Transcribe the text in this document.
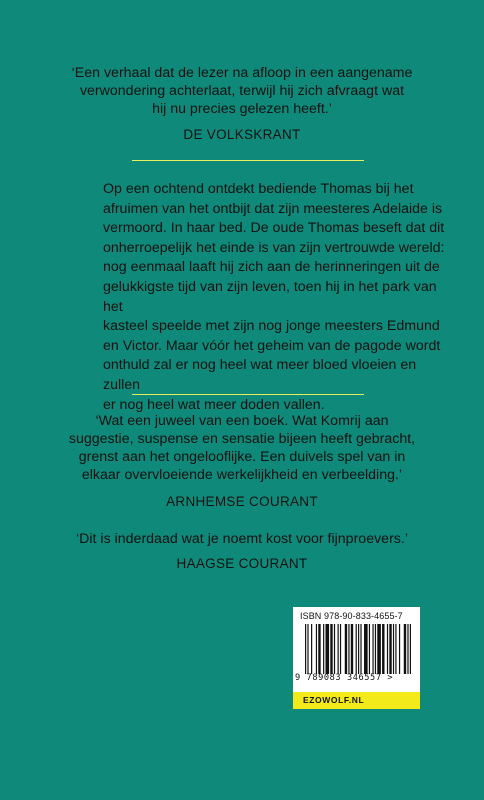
‘Een verhaal dat de lezer na afloop in een aangename

verwondering achterlaat, terwijl hij zich afvraagt wat

hij nu precies gelezen heeft.’

DE VOLKSKRANT

Op een ochtend ontdekt bediende Thomas bij het

afruimen van het ontbijt dat zijn meesteres Adelaide is

vermoord. In haar bed. De oude Thomas beseft dat dit

onherroepelijk het einde is van zijn vertrouwde wereld:

nog eenmaal laaft hij zich aan de herinneringen uit de

gelukkigste tijd van zijn leven, toen hij in het park van het

kasteel speelde met zijn nog jonge meesters Edmund

en Victor. Maar vóór het geheim van de pagode wordt

onthuld zal er nog heel wat meer bloed vloeien en zullen

er nog heel wat meer doden vallen.

‘Wat een juweel van een boek. Wat Komrij aan

suggestie, suspense en sensatie bijeen heeft gebracht,

grenst aan het ongelooflijke. Een duivels spel van in

elkaar overvloeiende werkelijkheid en verbeelding.’

ARNHEMSE COURANT

‘Dit is inderdaad wat je noemt kost voor fijnproevers.’

HAAGSE COURANT
ISBN 978-90-833-4655-7
9 789083 346557 >
EZOWOLF.NL
